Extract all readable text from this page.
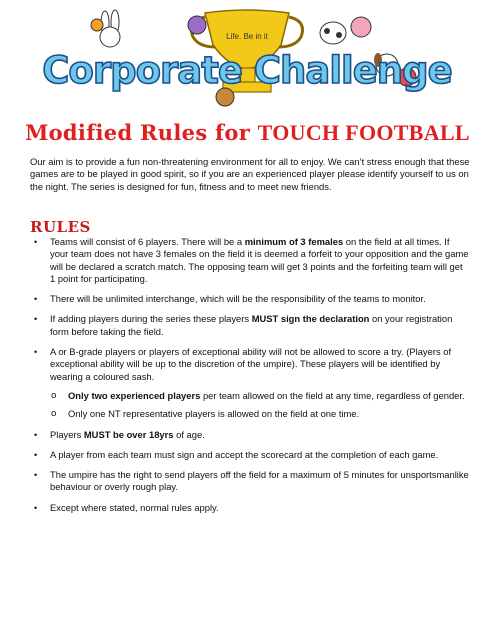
Life. Be in it
Corporate Challenge
Modified Rules for TOUCH FOOTBALL
Our aim is to provide a fun non-threatening environment for all to enjoy. We can’t stress enough that these games are to be played in good spirit, so if you are an experienced player please identify yourself to us on the night. The series is designed for fun, fitness and to meet new friends.
RULES
• Teams will consist of 6 players. There will be a minimum of 3 females on the field at all times. If your team does not have 3 females on the field it is deemed a forfeit to your opposition and the game will be declared a scratch match. The opposing team will get 3 points and the forfeiting team will get 1 point for participating.
• There will be unlimited interchange, which will be the responsibility of the teams to monitor.
• If adding players during the series these players MUST sign the declaration on your registration form before taking the field.
• A or B-grade players or players of exceptional ability will not be allowed to score a try. (Players of exceptional ability will be up to the discretion of the umpire). These players will be identified by wearing a coloured sash.
o Only two experienced players per team allowed on the field at any time, regardless of gender.
o Only one NT representative players is allowed on the field at one time.
• Players MUST be over 18yrs of age.
• A player from each team must sign and accept the scorecard at the completion of each game.
• The umpire has the right to send players off the field for a maximum of 5 minutes for unsportsmanlike behaviour or overly rough play.
• Except where stated, normal rules apply.
